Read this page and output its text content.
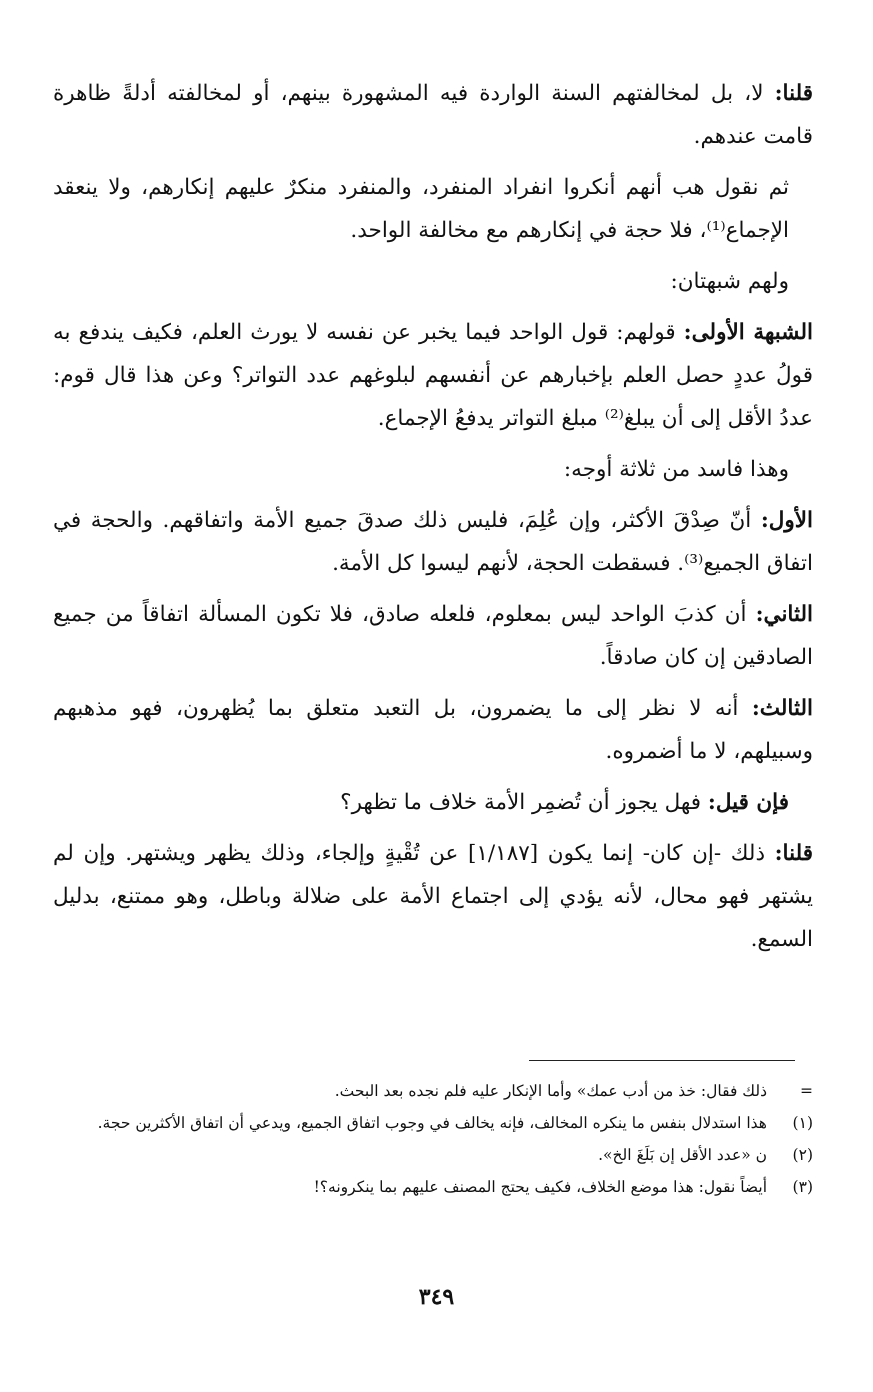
قلنا: لا، بل لمخالفتهم السنة الواردة فيه المشهورة بينهم، أو لمخالفته أدلةً ظاهرة قامت عندهم.

ثم نقول هب أنهم أنكروا انفراد المنفرد، والمنفرد منكرٌ عليهم إنكارهم، ولا ينعقد الإجماع⁽¹⁾، فلا حجة في إنكارهم مع مخالفة الواحد.

ولهم شبهتان:

الشبهة الأولى: قولهم: قول الواحد فيما يخبر عن نفسه لا يورث العلم، فكيف يندفع به قولُ عددٍ حصل العلم بإخبارهم عن أنفسهم لبلوغهم عدد التواتر؟ وعن هذا قال قوم: عددُ الأقل إلى أن يبلغ⁽²⁾ مبلغ التواتر يدفعُ الإجماع.

وهذا فاسد من ثلاثة أوجه:

الأول: أنّ صِدْقَ الأكثر، وإن عُلِمَ، فليس ذلك صدقَ جميع الأمة واتفاقهم. والحجة في اتفاق الجميع⁽³⁾. فسقطت الحجة، لأنهم ليسوا كل الأمة.

الثاني: أن كذبَ الواحد ليس بمعلوم، فلعله صادق، فلا تكون المسألة اتفاقاً من جميع الصادقين إن كان صادقاً.

الثالث: أنه لا نظر إلى ما يضمرون، بل التعبد متعلق بما يُظهرون، فهو مذهبهم وسبيلهم، لا ما أضمروه.

فإن قيل: فهل يجوز أن تُضمِر الأمة خلاف ما تظهر؟

قلنا: ذلك -إن كان- إنما يكون [١/١٨٧] عن تُقْيةٍ وإلجاء، وذلك يظهر ويشتهر. وإن لم يشتهر فهو محال، لأنه يؤدي إلى اجتماع الأمة على ضلالة وباطل، وهو ممتنع، بدليل السمع.

=
ذلك فقال: خذ من أدب عمك» وأما الإنكار عليه فلم نجده بعد البحث.
(١)
هذا استدلال بنفس ما ينكره المخالف، فإنه يخالف في وجوب اتفاق الجميع، ويدعي أن اتفاق الأكثرين حجة.
(٢)
ن «عدد الأقل إن بَلَغَ الخ».
(٣)
أيضاً نقول: هذا موضع الخلاف، فكيف يحتج المصنف عليهم بما ينكرونه؟!
٣٤٩
